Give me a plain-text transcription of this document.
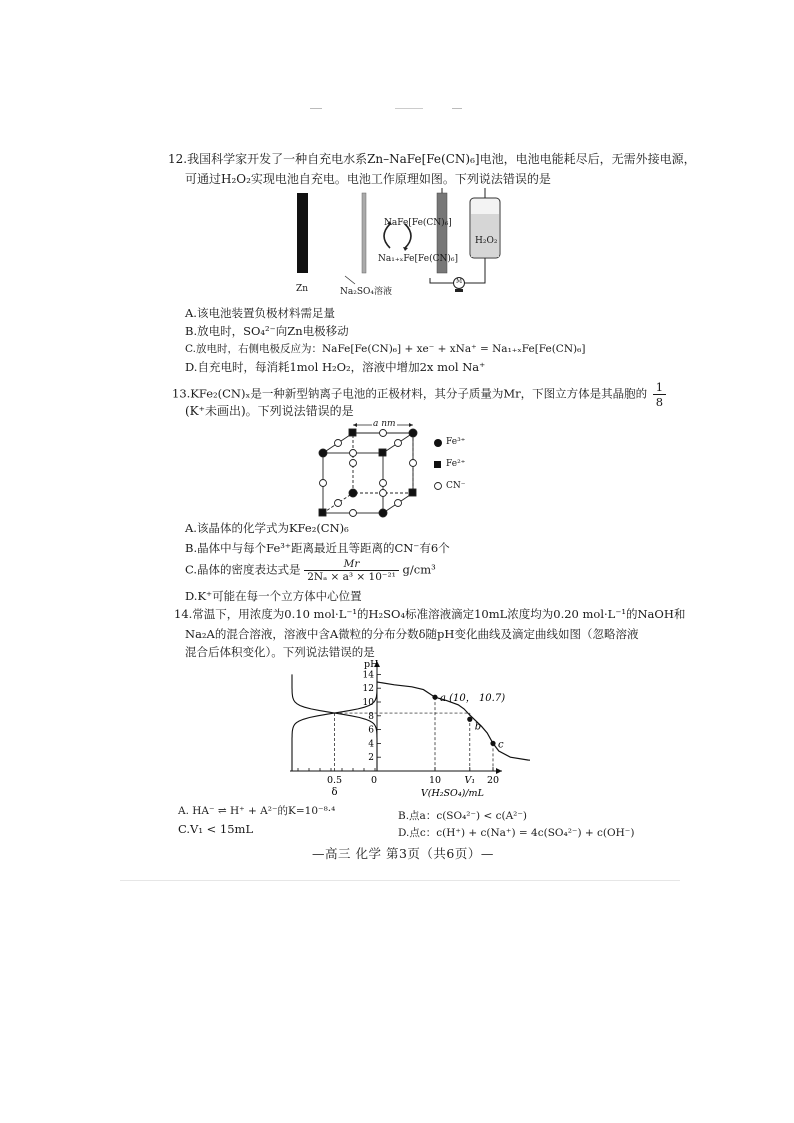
12.我国科学家开发了一种自充电水系Zn–NaFe[Fe(CN)₆]电池，电池电能耗尽后，无需外接电源，
可通过H₂O₂实现电池自充电。电池工作原理如图。下列说法错误的是
Zn	Na₂SO₄溶液
NaFe[Fe(CN)₆]
Na₁₊ₓFe[Fe(CN)₆]
H₂O₂
M
A.该电池装置负极材料需足量
B.放电时，SO₄²⁻向Zn电极移动
C.放电时，右侧电极反应为：NaFe[Fe(CN)₆] + xe⁻ + xNa⁺ = Na₁₊ₓFe[Fe(CN)₆]
D.自充电时，每消耗1mol H₂O₂，溶液中增加2x mol Na⁺
13.KFe₂(CN)ₓ是一种新型钠离子电池的正极材料，其分子质量为Mr，下图立方体是其晶胞的 $\frac{1}{8}$
(K⁺未画出)。下列说法错误的是
a nm
Fe³⁺
Fe²⁺
CN⁻
A.该晶体的化学式为KFe₂(CN)₆
B.晶体中与每个Fe³⁺距离最近且等距离的CN⁻有6个
C.晶体的密度表达式是 $\frac{Mr}{\text{2Nₐ × a³ × 10⁻²¹}} g/cm^3$
D.K⁺可能在每一个立方体中心位置
14.常温下，用浓度为0.10 mol·L⁻¹的H₂SO₄标准溶液滴定10mL浓度均为0.20 mol·L⁻¹的NaOH和
Na₂A的混合溶液，溶液中含A微粒的分布分数δ随pH变化曲线及滴定曲线如图（忽略溶液
混合后体积变化）。下列说法错误的是
2
4
6
8
10
12
14
pH
0	10 V₁ 20
V(H₂SO₄)/mL
0.5
δ
a (10， 10.7)
b
c
A. HA⁻ ⇌ H⁺ + A²⁻的K=10⁻⁸·⁴	B.点a：c(SO₄²⁻) < c(A²⁻)
C.V₁ < 15mL	D.点c：c(H⁺) + c(Na⁺) = 4c(SO₄²⁻) + c(OH⁻)
—高三 化学 第3页（共6页）—
